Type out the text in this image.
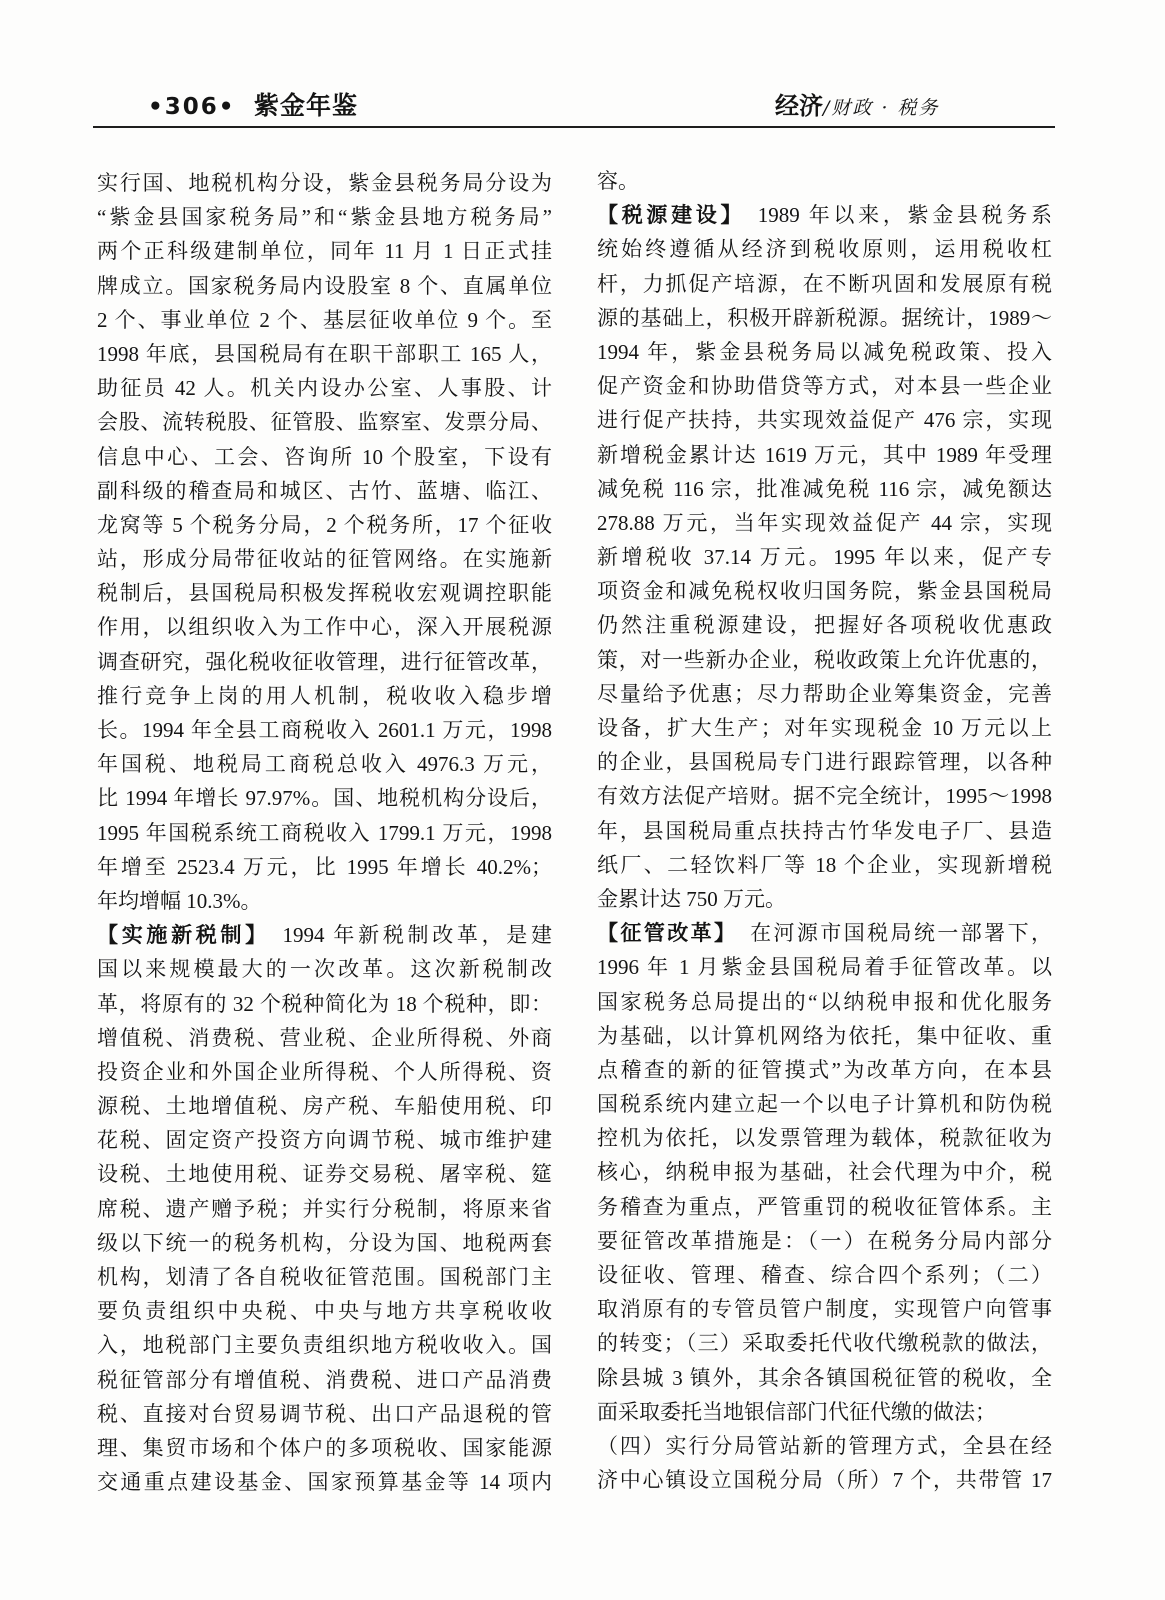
•306• 紫金年鉴	经济/财政 · 税务
实行国、地税机构分设，紫金县税务局分设为
“紫金县国家税务局”和“紫金县地方税务局”
两个正科级建制单位，同年 11 月 1 日正式挂
牌成立。国家税务局内设股室 8 个、直属单位
2 个、事业单位 2 个、基层征收单位 9 个。至
1998 年底，县国税局有在职干部职工 165 人，
助征员 42 人。机关内设办公室、人事股、计
会股、流转税股、征管股、监察室、发票分局、
信息中心、工会、咨询所 10 个股室，下设有
副科级的稽查局和城区、古竹、蓝塘、临江、
龙窝等 5 个税务分局，2 个税务所，17 个征收
站，形成分局带征收站的征管网络。在实施新
税制后，县国税局积极发挥税收宏观调控职能
作用，以组织收入为工作中心，深入开展税源
调查研究，强化税收征收管理，进行征管改革，
推行竞争上岗的用人机制，税收收入稳步增
长。1994 年全县工商税收入 2601.1 万元，1998
年国税、地税局工商税总收入 4976.3 万元，
比 1994 年增长 97.97%。国、地税机构分设后，
1995 年国税系统工商税收入 1799.1 万元，1998
年增至 2523.4 万元，比 1995 年增长 40.2%；
年均增幅 10.3%。
【实施新税制】 1994 年新税制改革，是建
国以来规模最大的一次改革。这次新税制改
革，将原有的 32 个税种简化为 18 个税种，即：
增值税、消费税、营业税、企业所得税、外商
投资企业和外国企业所得税、个人所得税、资
源税、土地增值税、房产税、车船使用税、印
花税、固定资产投资方向调节税、城市维护建
设税、土地使用税、证券交易税、屠宰税、筵
席税、遗产赠予税；并实行分税制，将原来省
级以下统一的税务机构，分设为国、地税两套
机构，划清了各自税收征管范围。国税部门主
要负责组织中央税、中央与地方共享税收收
入，地税部门主要负责组织地方税收收入。国
税征管部分有增值税、消费税、进口产品消费
税、直接对台贸易调节税、出口产品退税的管
理、集贸市场和个体户的多项税收、国家能源
交通重点建设基金、国家预算基金等 14 项内
容。
【税源建设】 1989 年以来，紫金县税务系
统始终遵循从经济到税收原则，运用税收杠
杆，力抓促产培源，在不断巩固和发展原有税
源的基础上，积极开辟新税源。据统计，1989～
1994 年，紫金县税务局以减免税政策、投入
促产资金和协助借贷等方式，对本县一些企业
进行促产扶持，共实现效益促产 476 宗，实现
新增税金累计达 1619 万元，其中 1989 年受理
减免税 116 宗，批准减免税 116 宗，减免额达
278.88 万元，当年实现效益促产 44 宗，实现
新增税收 37.14 万元。1995 年以来，促产专
项资金和减免税权收归国务院，紫金县国税局
仍然注重税源建设，把握好各项税收优惠政
策，对一些新办企业，税收政策上允许优惠的，
尽量给予优惠；尽力帮助企业筹集资金，完善
设备，扩大生产；对年实现税金 10 万元以上
的企业，县国税局专门进行跟踪管理，以各种
有效方法促产培财。据不完全统计，1995～1998
年，县国税局重点扶持古竹华发电子厂、县造
纸厂、二轻饮料厂等 18 个企业，实现新增税
金累计达 750 万元。
【征管改革】 在河源市国税局统一部署下，
1996 年 1 月紫金县国税局着手征管改革。以
国家税务总局提出的“以纳税申报和优化服务
为基础，以计算机网络为依托，集中征收、重
点稽查的新的征管摸式”为改革方向，在本县
国税系统内建立起一个以电子计算机和防伪税
控机为依托，以发票管理为载体，税款征收为
核心，纳税申报为基础，社会代理为中介，税
务稽查为重点，严管重罚的税收征管体系。主
要征管改革措施是：（一）在税务分局内部分
设征收、管理、稽查、综合四个系列；（二）
取消原有的专管员管户制度，实现管户向管事
的转变；（三）采取委托代收代缴税款的做法，
除县城 3 镇外，其余各镇国税征管的税收，全
面采取委托当地银信部门代征代缴的做法；
（四）实行分局管站新的管理方式，全县在经
济中心镇设立国税分局（所）7 个，共带管 17
